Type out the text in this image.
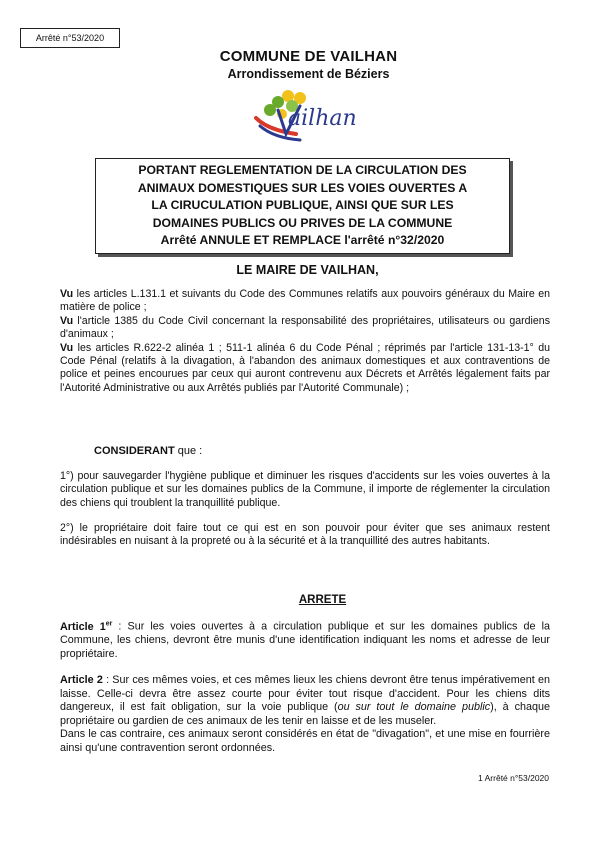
Arrêté n°53/2020
COMMUNE DE VAILHAN
Arrondissement de Béziers
ailhan
PORTANT REGLEMENTATION DE LA CIRCULATION DES
ANIMAUX DOMESTIQUES SUR LES VOIES OUVERTES A
LA CIRUCULATION PUBLIQUE, AINSI QUE SUR LES
DOMAINES PUBLICS OU PRIVES DE LA COMMUNE
Arrêté ANNULE ET REMPLACE l'arrêté n°32/2020
LE MAIRE DE VAILHAN,

Vu les articles L.131.1 et suivants du Code des Communes relatifs aux pouvoirs généraux du Maire en matière de police ;

Vu l'article 1385 du Code Civil concernant la responsabilité des propriétaires, utilisateurs ou gardiens d'animaux ;

Vu les articles R.622-2 alinéa 1 ; 511-1 alinéa 6 du Code Pénal ; réprimés par l'article 131-13-1° du Code Pénal (relatifs à la divagation, à l'abandon des animaux domestiques et aux contraventions de police et peines encourues par ceux qui auront contrevenu aux Décrets et Arrêtés légalement faits par l'Autorité Administrative ou aux Arrêtés publiés par l'Autorité Communale) ;

CONSIDERANT que :
1°) pour sauvegarder l'hygiène publique et diminuer les risques d'accidents sur les voies ouvertes à la circulation publique et sur les domaines publics de la Commune, il importe de réglementer la circulation des chiens qui troublent la tranquillité publique.
2°) le propriétaire doit faire tout ce qui est en son pouvoir pour éviter que ses animaux restent indésirables en nuisant à la propreté ou à la sécurité et à la tranquillité des autres habitants.
ARRETE
Article 1er : Sur les voies ouvertes à a circulation publique et sur les domaines publics de la Commune, les chiens, devront être munis d'une identification indiquant les noms et adresse de leur propriétaire.

Article 2 : Sur ces mêmes voies, et ces mêmes lieux les chiens devront être tenus impérativement en laisse. Celle-ci devra être assez courte pour éviter tout risque d'accident. Pour les chiens dits dangereux, il est fait obligation, sur la voie publique (ou sur tout le domaine public), à chaque propriétaire ou gardien de ces animaux de les tenir en laisse et de les museler.

Dans le cas contraire, ces animaux seront considérés en état de "divagation", et une mise en fourrière ainsi qu'une contravention seront ordonnées.

1 Arrêté n°53/2020
